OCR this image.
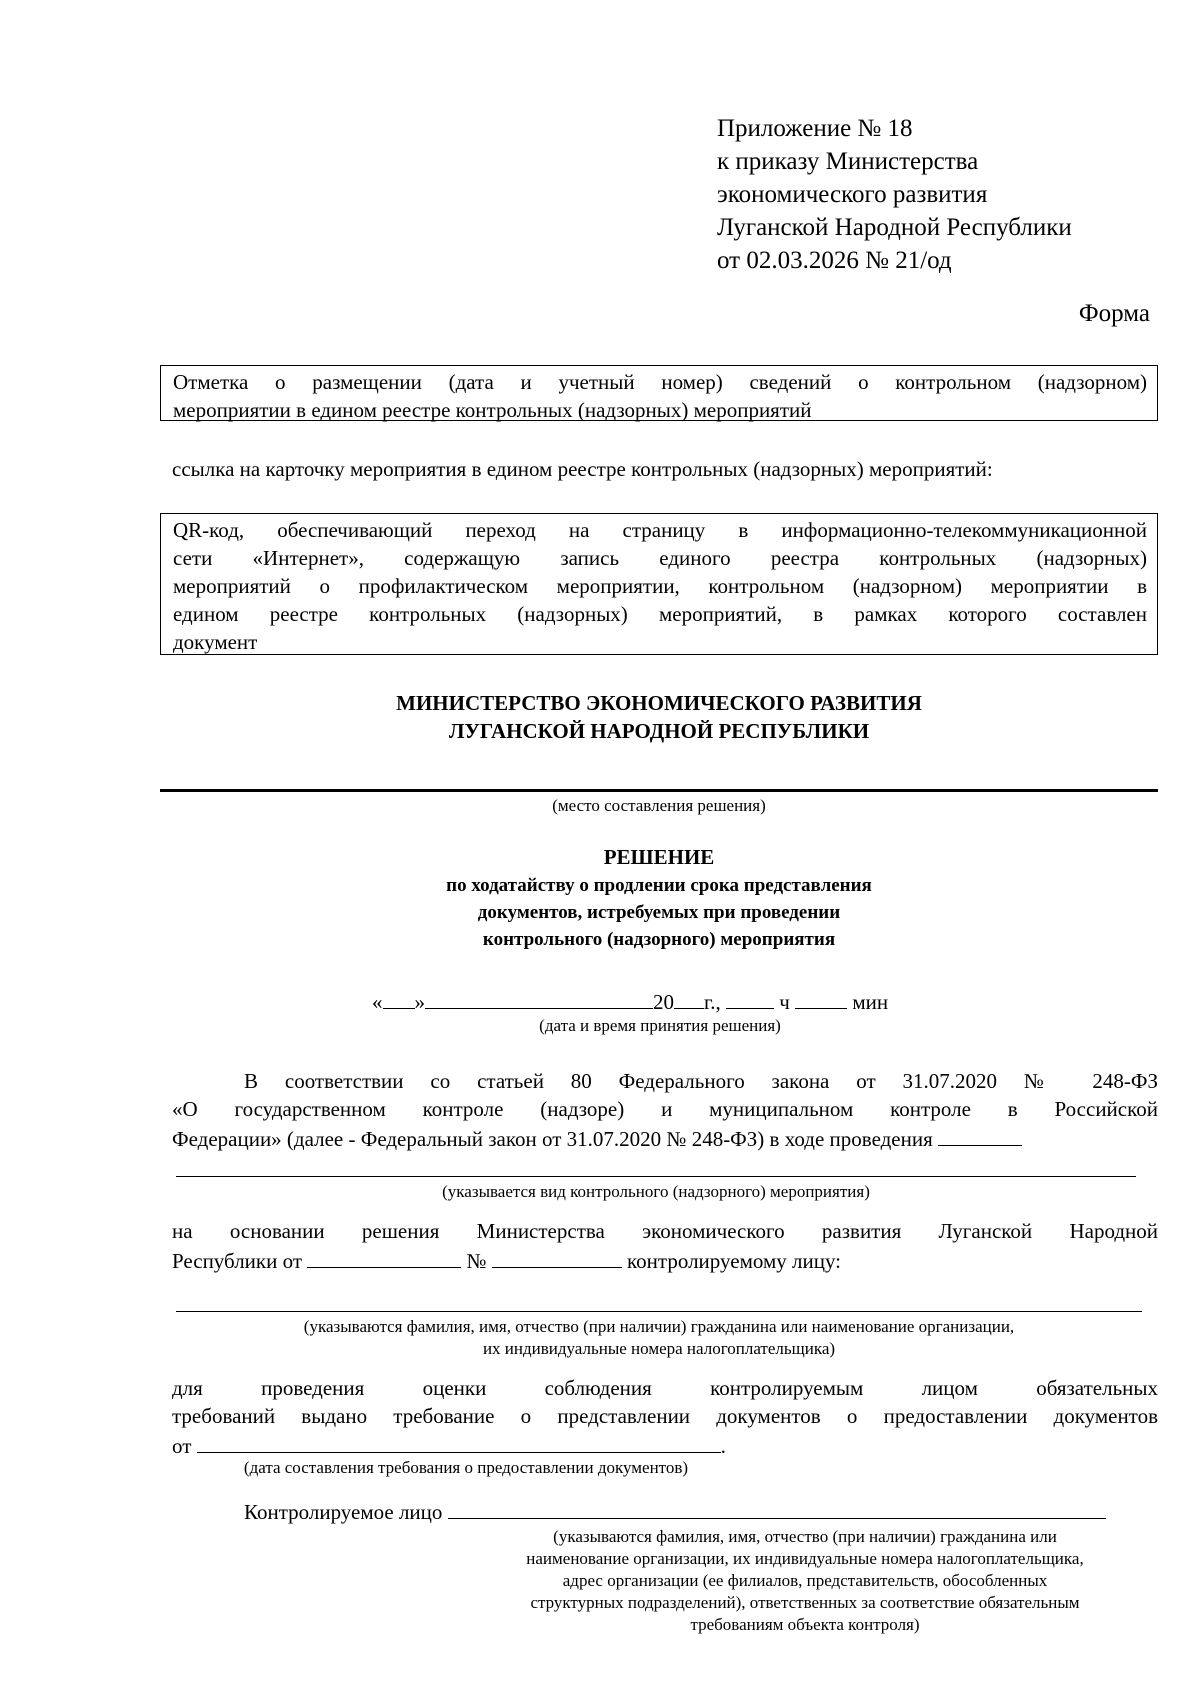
Приложение № 18
к приказу Министерства
экономического развития
Луганской Народной Республики
от 02.03.2026 № 21/од
Форма
Отметка о размещении (дата и учетный номер) сведений о контрольном (надзорном)
мероприятии в едином реестре контрольных (надзорных) мероприятий
ссылка на карточку мероприятия в едином реестре контрольных (надзорных) мероприятий:
QR-код, обеспечивающий переход на страницу в информационно-телекоммуникационной
сети «Интернет», содержащую запись единого реестра контрольных (надзорных)
мероприятий о профилактическом мероприятии, контрольном (надзорном) мероприятии в
едином реестре контрольных (надзорных) мероприятий, в рамках которого составлен
документ
МИНИСТЕРСТВО ЭКОНОМИЧЕСКОГО РАЗВИТИЯ
ЛУГАНСКОЙ НАРОДНОЙ РЕСПУБЛИКИ
(место составления решения)
РЕШЕНИЕ
по ходатайству о продлении срока представления
документов, истребуемых при проведении
контрольного (надзорного) мероприятия
« »	20 г.,	ч	мин
(дата и время принятия решения)
В соответствии со статьей 80 Федерального закона от 31.07.2020 № 248-ФЗ
«О государственном контроле (надзоре) и муниципальном контроле в Российской
Федерации» (далее - Федеральный закон от 31.07.2020 № 248-ФЗ) в ходе проведения
(указывается вид контрольного (надзорного) мероприятия)
на основании решения Министерства экономического развития Луганской Народной
Республики от	№	контролируемому лицу:
(указываются фамилия, имя, отчество (при наличии) гражданина или наименование организации,
их индивидуальные номера налогоплательщика)
для проведения оценки соблюдения контролируемым лицом обязательных
требований выдано требование о представлении документов о предоставлении документов
от	.
(дата составления требования о предоставлении документов)
Контролируемое лицо
(указываются фамилия, имя, отчество (при наличии) гражданина или
наименование организации, их индивидуальные номера налогоплательщика,
адрес организации (ее филиалов, представительств, обособленных
структурных подразделений), ответственных за соответствие обязательным
требованиям объекта контроля)
